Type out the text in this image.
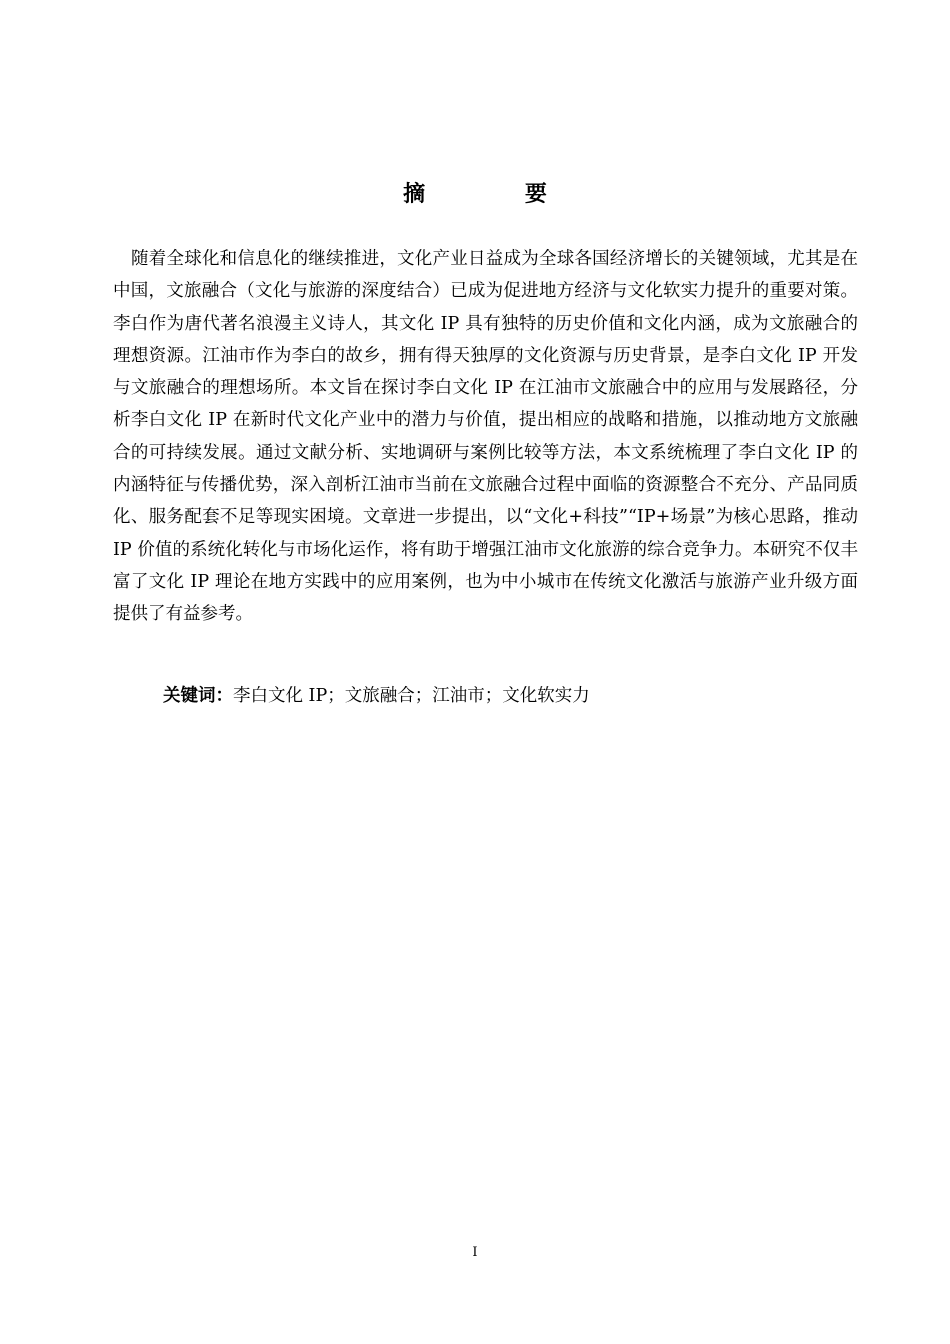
摘 要

随着全球化和信息化的继续推进，文化产业日益成为全球各国经济增长的关键领域，尤其是在中国，文旅融合（文化与旅游的深度结合）已成为促进地方经济与文化软实力提升的重要对策。李白作为唐代著名浪漫主义诗人，其文化 IP 具有独特的历史价值和文化内涵，成为文旅融合的理想资源。江油市作为李白的故乡，拥有得天独厚的文化资源与历史背景，是李白文化 IP 开发与文旅融合的理想场所。本文旨在探讨李白文化 IP 在江油市文旅融合中的应用与发展路径，分析李白文化 IP 在新时代文化产业中的潜力与价值，提出相应的战略和措施，以推动地方文旅融合的可持续发展。通过文献分析、实地调研与案例比较等方法，本文系统梳理了李白文化 IP 的内涵特征与传播优势，深入剖析江油市当前在文旅融合过程中面临的资源整合不充分、产品同质化、服务配套不足等现实困境。文章进一步提出，以“文化+科技”“IP+场景”为核心思路，推动 IP 价值的系统化转化与市场化运作，将有助于增强江油市文化旅游的综合竞争力。本研究不仅丰富了文化 IP 理论在地方实践中的应用案例，也为中小城市在传统文化激活与旅游产业升级方面提供了有益参考。

关键词：李白文化 IP；文旅融合；江油市；文化软实力
I
